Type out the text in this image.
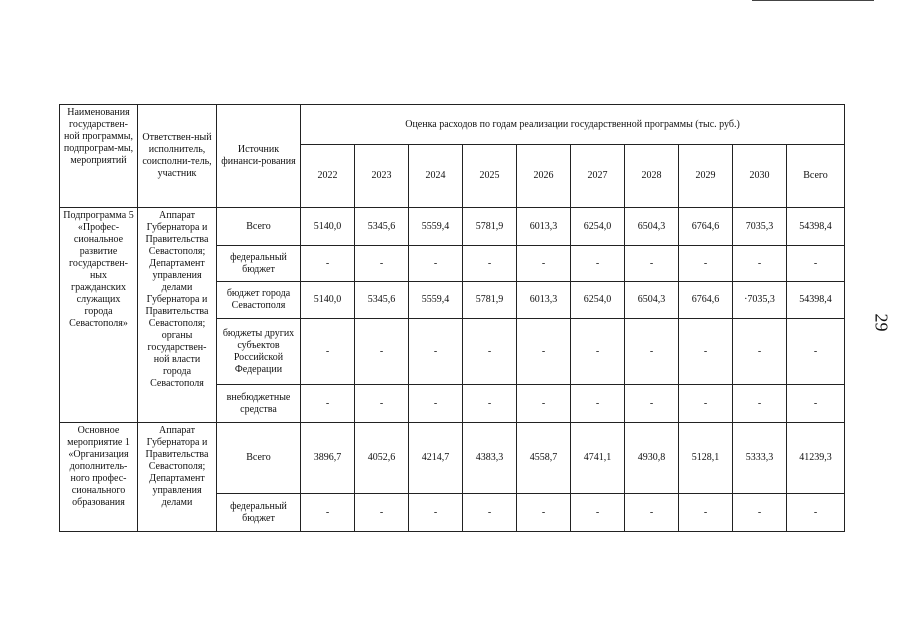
29
Наименования государствен-ной программы, подпрограм-мы, мероприятий	Ответствен-ный исполнитель, соисполни-тель, участник	Источник финанси-рования	Оценка расходов по годам реализации государственной программы (тыс. руб.)									
			2022	2023	2024	2025	2026	2027	2028	2029	2030	Всего
Подпрограмма 5 «Профес-сиональное развитие государствен-ных гражданских служащих города Севастополя»	Аппарат Губернатора и Правительства Севастополя; Департамент управления делами Губернатора и Правительства Севастополя; органы государствен-ной власти города Севастополя	Всего	5140,0	5345,6	5559,4	5781,9	6013,3	6254,0	6504,3	6764,6	7035,3	54398,4
		федеральный бюджет	-	-	-	-	-	-	-	-	-	-
		бюджет города Севастополя	5140,0	5345,6	5559,4	5781,9	6013,3	6254,0	6504,3	6764,6	·7035,3	54398,4
		бюджеты других субъектов Российской Федерации	-	-	-	-	-	-	-	-	-	-
		внебюджетные средства	-	-	-	-	-	-	-	-	-	-
Основное мероприятие 1 «Организация дополнитель-ного профес-сионального образования	Аппарат Губернатора и Правительства Севастополя; Департамент управления делами	Всего	3896,7	4052,6	4214,7	4383,3	4558,7	4741,1	4930,8	5128,1	5333,3	41239,3
		федеральный бюджет	-	-	-	-	-	-	-	-	-	-
